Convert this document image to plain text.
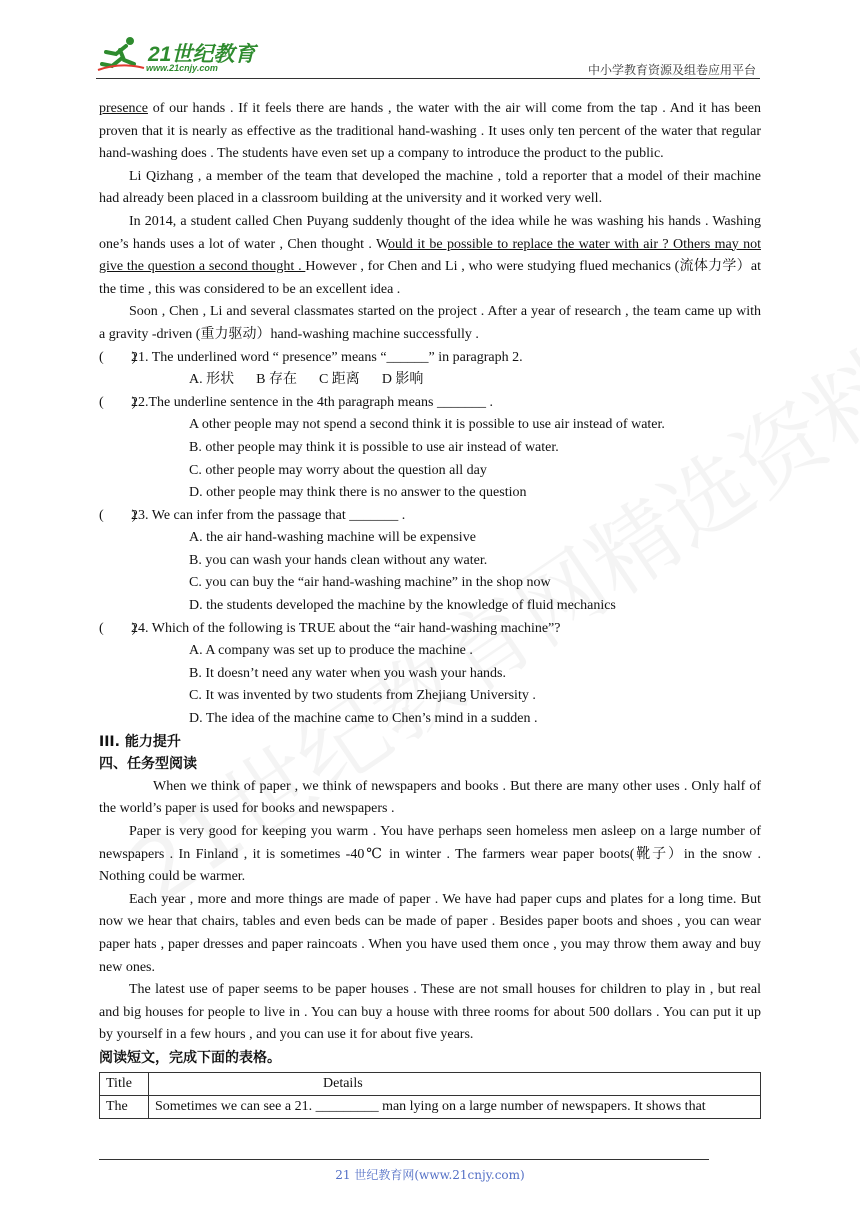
21世纪教育
www.21cnjy.com	中小学教育资源及组卷应用平台

presence of our hands . If it feels there are hands , the water with the air will come from the tap . And it has been proven that it is nearly as effective as the traditional hand-washing . It uses only ten percent of the water that regular hand-washing does . The students have even set up a company to introduce the product to the public.

Li Qizhang , a member of the team that developed the machine , told a reporter that a model of their machine had already been placed in a classroom building at the university and it worked very well.

In 2014, a student called Chen Puyang suddenly thought of the idea while he was washing his hands . Washing one’s hands uses a lot of water , Chen thought . Would it be possible to replace the water with air ? Others may not give the question a second thought . However , for Chen and Li , who were studying flued mechanics (流体力学）at the time , this was considered to be an excellent idea .

Soon , Chen , Li and several classmates started on the project . After a year of research , the team came up with a gravity -driven (重力驱动）hand-washing machine successfully .

(　　)21. The underlined word “ presence” means “______” in paragraph 2.

A. 形状 B 存在 C 距离 D 影响

(　　)22.The underline sentence in the 4th paragraph means _______ .

A other people may not spend a second think it is possible to use air instead of water.

B. other people may think it is possible to use air instead of water.

C. other people may worry about the question all day

D. other people may think there is no answer to the question

(　　)23. We can infer from the passage that _______ .

A. the air hand-washing machine will be expensive

B. you can wash your hands clean without any water.

C. you can buy the “air hand-washing machine” in the shop now

D. the students developed the machine by the knowledge of fluid mechanics

(　　)24. Which of the following is TRUE about the “air hand-washing machine”?

A. A company was set up to produce the machine .

B. It doesn’t need any water when you wash your hands.

C. It was invented by two students from Zhejiang University .

D. The idea of the machine came to Chen’s mind in a sudden .

III. 能力提升

四、任务型阅读

When we think of paper , we think of newspapers and books . But there are many other uses . Only half of the world’s paper is used for books and newspapers .

Paper is very good for keeping you warm . You have perhaps seen homeless men asleep on a large number of newspapers . In Finland , it is sometimes -40℃ in winter . The farmers wear paper boots(靴子）in the snow . Nothing could be warmer.

Each year , more and more things are made of paper . We have had paper cups and plates for a long time. But now we hear that chairs, tables and even beds can be made of paper . Besides paper boots and shoes , you can wear paper hats , paper dresses and paper raincoats . When you have used them once , you may throw them away and buy new ones.

The latest use of paper seems to be paper houses . These are not small houses for children to play in , but real and big houses for people to live in . You can buy a house with three rooms for about 500 dollars . You can put it up by yourself in a few hours , and you can use it for about five years.

阅读短文，完成下面的表格。

Title	Details
The	Sometimes we can see a 21. _________ man lying on a large number of newspapers. It shows that
21 世纪教育网(www.21cnjy.com)
